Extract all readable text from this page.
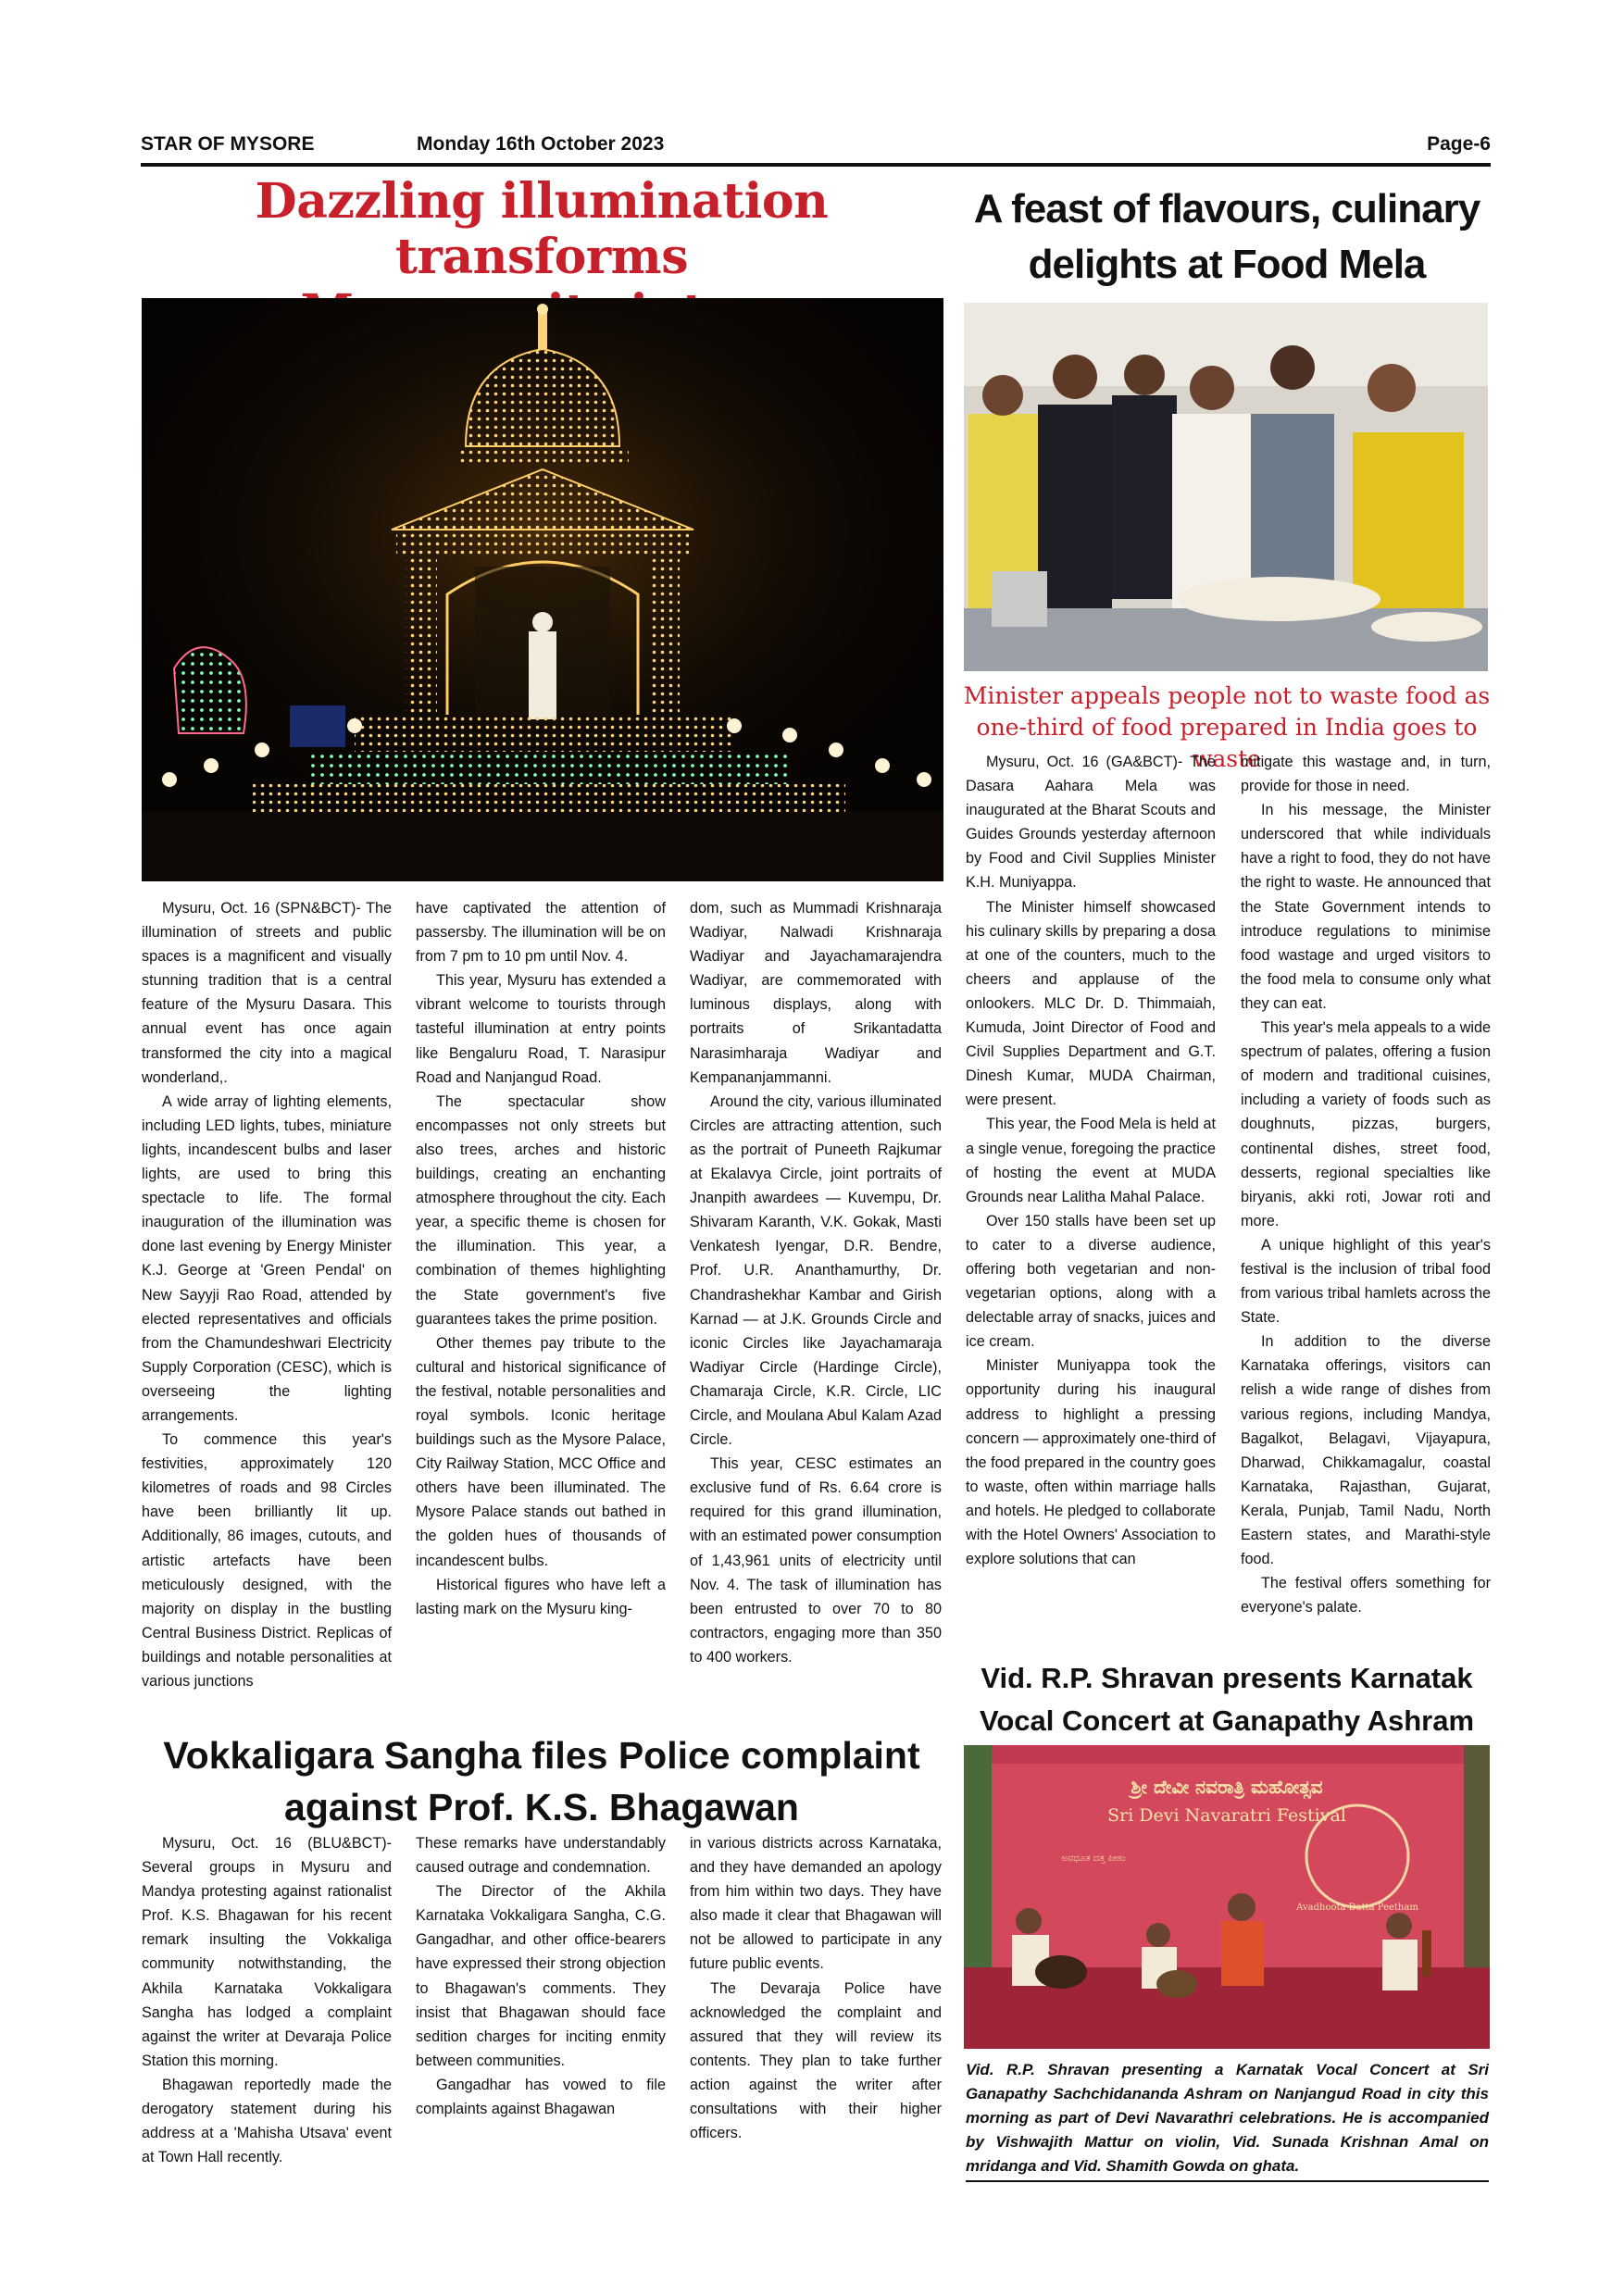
STAR OF MYSORE	Monday 16th October 2023	Page-6
Dazzling illumination transforms

Mysuru, Oct. 16 (SPN&BCT)- The illumination of streets and public spaces is a magnificent and visually stunning tradition that is a central feature of the Mysuru Dasara. This annual event has once again transformed the city into a magical wonderland,.

A wide array of lighting elements, including LED lights, tubes, miniature lights, incandescent bulbs and laser lights, are used to bring this spectacle to life. The formal inauguration of the illumination was done last evening by Energy Minister K.J. George at 'Green Pendal' on New Sayyji Rao Road, attended by elected representatives and officials from the Chamundeshwari Electricity Supply Corporation (CESC), which is overseeing the lighting arrangements.

To commence this year's festivities, approximately 120 kilometres of roads and 98 Circles have been brilliantly lit up. Additionally, 86 images, cutouts, and artistic artefacts have been meticulously designed, with the majority on display in the bustling Central Business District. Replicas of buildings and notable personalities at various junctions

have captivated the attention of passersby. The illumination will be on from 7 pm to 10 pm until Nov. 4.

This year, Mysuru has extended a vibrant welcome to tourists through tasteful illumination at entry points like Bengaluru Road, T. Narasipur Road and Nanjangud Road.

The spectacular show encompasses not only streets but also trees, arches and historic buildings, creating an enchanting atmosphere throughout the city. Each year, a specific theme is chosen for the illumination. This year, a combination of themes highlighting the State government's five guarantees takes the prime position.

Other themes pay tribute to the cultural and historical significance of the festival, notable personalities and royal symbols. Iconic heritage buildings such as the Mysore Palace, City Railway Station, MCC Office and others have been illuminated. The Mysore Palace stands out bathed in the golden hues of thousands of incandescent bulbs.

Historical figures who have left a lasting mark on the Mysuru king-

dom, such as Mummadi Krishnaraja Wadiyar, Nalwadi Krishnaraja Wadiyar and Jayachamarajendra Wadiyar, are commemorated with luminous displays, along with portraits of Srikantadatta Narasimharaja Wadiyar and Kempananjammanni.

Around the city, various illuminated Circles are attracting attention, such as the portrait of Puneeth Rajkumar at Ekalavya Circle, joint portraits of Jnanpith awardees — Kuvempu, Dr. Shivaram Karanth, V.K. Gokak, Masti Venkatesh Iyengar, D.R. Bendre, Prof. U.R. Ananthamurthy, Dr. Chandrashekhar Kambar and Girish Karnad — at J.K. Grounds Circle and iconic Circles like Jayachamaraja Wadiyar Circle (Hardinge Circle), Chamaraja Circle, K.R. Circle, LIC Circle, and Moulana Abul Kalam Azad Circle.

This year, CESC estimates an exclusive fund of Rs. 6.64 crore is required for this grand illumination, with an estimated power consumption of 1,43,961 units of electricity until Nov. 4. The task of illumination has been entrusted to over 70 to 80 contractors, engaging more than 350 to 400 workers.

A feast of flavours, culinary
delights at Food Mela
Minister appeals people not to waste food as
one-third of food prepared in India goes to waste

Mysuru, Oct. 16 (GA&BCT)- The Dasara Aahara Mela was inaugurated at the Bharat Scouts and Guides Grounds yesterday afternoon by Food and Civil Supplies Minister K.H. Muniyappa.

The Minister himself showcased his culinary skills by preparing a dosa at one of the counters, much to the cheers and applause of the onlookers. MLC Dr. D. Thimmaiah, Kumuda, Joint Director of Food and Civil Supplies Department and G.T. Dinesh Kumar, MUDA Chairman, were present.

This year, the Food Mela is held at a single venue, foregoing the practice of hosting the event at MUDA Grounds near Lalitha Mahal Palace.

Over 150 stalls have been set up to cater to a diverse audience, offering both vegetarian and non-vegetarian options, along with a delectable array of snacks, juices and ice cream.

Minister Muniyappa took the opportunity during his inaugural address to highlight a pressing concern — approximately one-third of the food prepared in the country goes to waste, often within marriage halls and hotels. He pledged to collaborate with the Hotel Owners' Association to explore solutions that can

mitigate this wastage and, in turn, provide for those in need.

In his message, the Minister underscored that while individuals have a right to food, they do not have the right to waste. He announced that the State Government intends to introduce regulations to minimise food wastage and urged visitors to the food mela to consume only what they can eat.

This year's mela appeals to a wide spectrum of palates, offering a fusion of modern and traditional cuisines, including a variety of foods such as doughnuts, pizzas, burgers, continental dishes, street food, desserts, regional specialties like biryanis, akki roti, Jowar roti and more.

A unique highlight of this year's festival is the inclusion of tribal food from various tribal hamlets across the State.

In addition to the diverse Karnataka offerings, visitors can relish a wide range of dishes from various regions, including Mandya, Bagalkot, Belagavi, Vijayapura, Dharwad, Chikkamagalur, coastal Karnataka, Rajasthan, Gujarat, Kerala, Punjab, Tamil Nadu, North Eastern states, and Marathi-style food.

The festival offers something for everyone's palate.

Vokkaligara Sangha files Police complaint
against Prof. K.S. Bhagawan

Mysuru, Oct. 16 (BLU&BCT)- Several groups in Mysuru and Mandya protesting against rationalist Prof. K.S. Bhagawan for his recent remark insulting the Vokkaliga community notwithstanding, the Akhila Karnataka Vokkaligara Sangha has lodged a complaint against the writer at Devaraja Police Station this morning.

Bhagawan reportedly made the derogatory statement during his address at a 'Mahisha Utsava' event at Town Hall recently.

These remarks have understandably caused outrage and condemnation.

The Director of the Akhila Karnataka Vokkaligara Sangha, C.G. Gangadhar, and other office-bearers have expressed their strong objection to Bhagawan's comments. They insist that Bhagawan should face sedition charges for inciting enmity between communities.

Gangadhar has vowed to file complaints against Bhagawan

in various districts across Karnataka, and they have demanded an apology from him within two days. They have also made it clear that Bhagawan will not be allowed to participate in any future public events.

The Devaraja Police have acknowledged the complaint and assured that they will review its contents. They plan to take further action against the writer after consultations with their higher officers.

Vid. R.P. Shravan presents Karnatak
Vocal Concert at Ganapathy Ashram
ಶ್ರೀ ದೇವೀ ನವರಾತ್ರಿ ಮಹೋತ್ಸವ
Sri Devi Navaratri Festival
Avadhoota Datta Peetham
ಅವಧೂತ ದತ್ತ ಪೀಠಂ
Vid. R.P. Shravan presenting a Karnatak Vocal Concert at Sri Ganapathy Sachchidananda Ashram on Nanjangud Road in city this morning as part of Devi Navarathri celebrations. He is accompanied by Vishwajith Mattur on violin, Vid. Sunada Krishnan Amal on mridanga and Vid. Shamith Gowda on ghata.
